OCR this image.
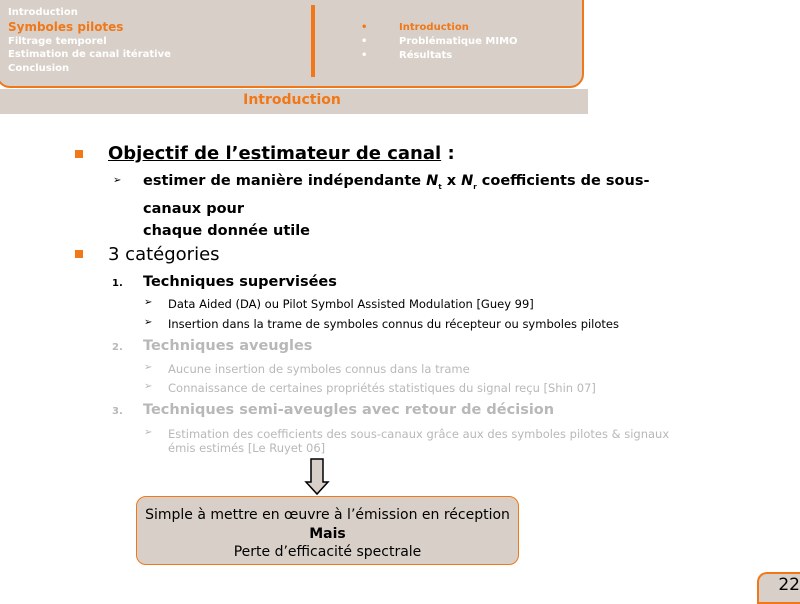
Introduction
Symboles pilotes
Filtrage temporel
Estimation de canal itérative
Conclusion
•	Introduction
•	Problématique MIMO
•	Résultats
Introduction
Objectif de l’estimateur de canal :
➢ estimer de manière indépendante $N_t$ x $N_r$ coefficients de sous-canaux pour
chaque donnée utile
3 catégories
1. Techniques supervisées
➢ Data Aided (DA) ou Pilot Symbol Assisted Modulation [Guey 99]
➢ Insertion dans la trame de symboles connus du récepteur ou symboles pilotes
2. Techniques aveugles
➢ Aucune insertion de symboles connus dans la trame
➢ Connaissance de certaines propriétés statistiques du signal reçu [Shin 07]
3. Techniques semi-aveugles avec retour de décision
➢ Estimation des coefficients des sous-canaux grâce aux des symboles pilotes & signaux
émis estimés [Le Ruyet 06]
Simple à mettre en œuvre à l’émission en réception
Mais
Perte d’efficacité spectrale
22
